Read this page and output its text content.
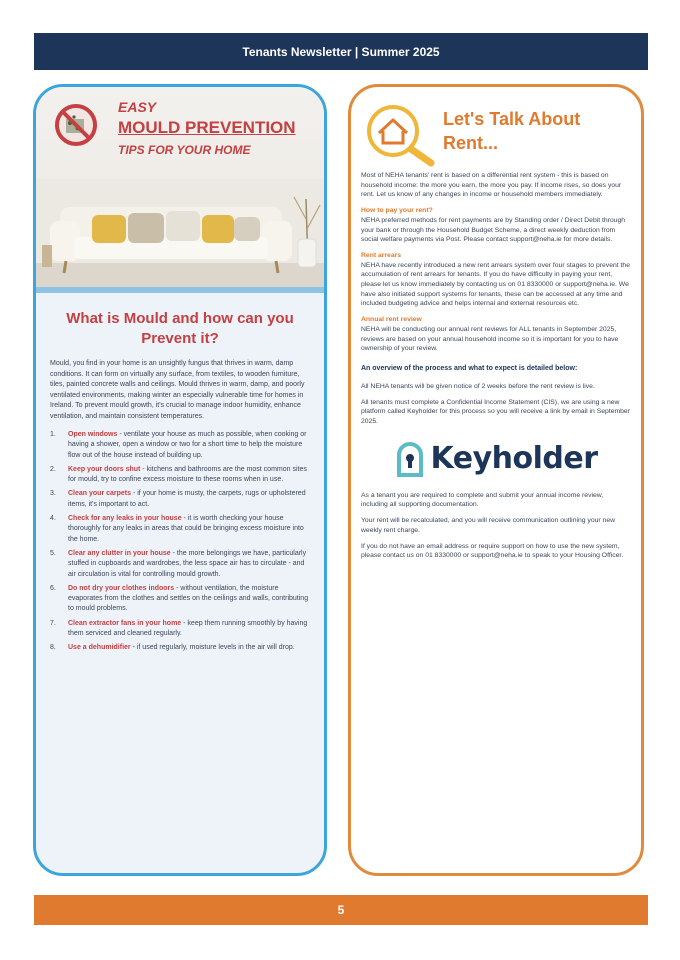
Tenants Newsletter | Summer 2025
EASY
MOULD PREVENTION
TIPS FOR YOUR HOME
What is Mould and how can you Prevent it?
Mould, you find in your home is an unsightly fungus that thrives in warm, damp conditions. It can form on virtually any surface, from textiles, to wooden furniture, tiles, painted concrete walls and ceilings. Mould thrives in warm, damp, and poorly ventilated environments, making winter an especially vulnerable time for homes in Ireland. To prevent mould growth, it's crucial to manage indoor humidity, enhance ventilation, and maintain consistent temperatures.
1.	Open windows - ventilate your house as much as possible, when cooking or having a shower, open a window or two for a short time to help the moisture flow out of the house instead of building up.
2.	Keep your doors shut - kitchens and bathrooms are the most common sites for mould, try to confine excess moisture to these rooms when in use.
3.	Clean your carpets - if your home is musty, the carpets, rugs or upholstered items, it's important to act.
4.	Check for any leaks in your house - it is worth checking your house thoroughly for any leaks in areas that could be bringing excess moisture into the home.
5.	Clear any clutter in your house - the more belongings we have, particularly stuffed in cupboards and wardrobes, the less space air has to circulate - and air circulation is vital for controlling mould growth.
6.	Do not dry your clothes indoors - without ventilation, the moisture evaporates from the clothes and settles on the ceilings and walls, contributing to mould problems.
7.	Clean extractor fans in your home - keep them running smoothly by having them serviced and cleaned regularly.
8.	Use a dehumidifier - if used regularly, moisture levels in the air will drop.
Let's Talk About
Rent...

Most of NEHA tenants' rent is based on a differential rent system - this is based on household income: the more you earn, the more you pay. If income rises, so does your rent. Let us know of any changes in income or household members immediately.

How to pay your rent?

NEHA preferred methods for rent payments are by Standing order / Direct Debit through your bank or through the Household Budget Scheme, a direct weekly deduction from social welfare payments via Post. Please contact support@neha.ie for more details.

Rent arrears

NEHA have recently introduced a new rent arrears system over four stages to prevent the accumulation of rent arrears for tenants. If you do have difficulty in paying your rent, please let us know immediately by contacting us on 01 8330000 or support@neha.ie. We have also initiated support systems for tenants, these can be accessed at any time and included budgeting advice and helps internal and external resources etc.

Annual rent review

NEHA will be conducting our annual rent reviews for ALL tenants in September 2025, reviews are based on your annual household income so it is important for you to have ownership of your review.

An overview of the process and what to expect is detailed below:

All NEHA tenants will be given notice of 2 weeks before the rent review is live.

All tenants must complete a Confidential Income Statement (CIS), we are using a new platform called Keyholder for this process so you will receive a link by email in September 2025.

Keyholder

As a tenant you are required to complete and submit your annual income review, including all supporting documentation.

Your rent will be recalculated, and you will receive communication outlining your new weekly rent charge.

If you do not have an email address or require support on how to use the new system, please contact us on 01 8330000 or support@neha.ie to speak to your Housing Officer.

5
